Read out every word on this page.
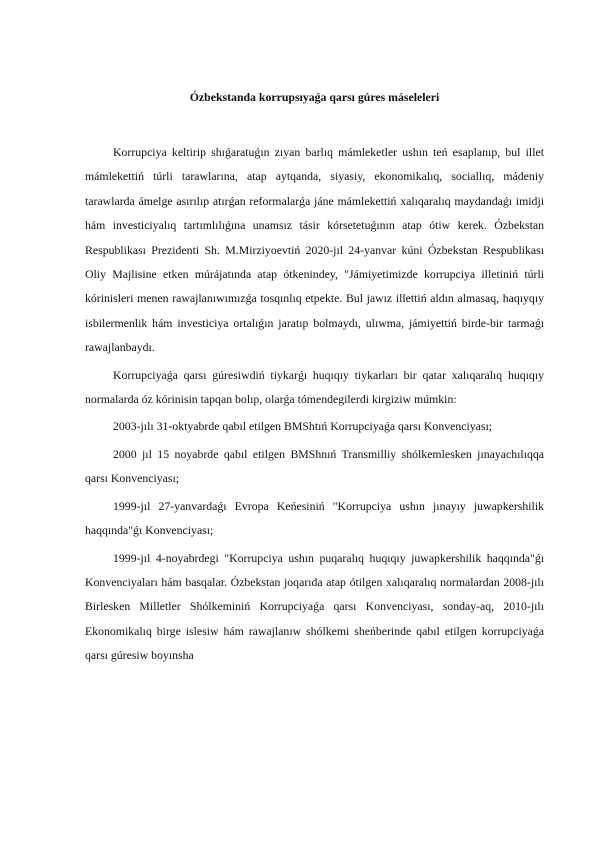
Ózbekstanda korrupsıyaǵa qarsı gúres máseleleri

Korrupciya keltirip shıǵaratuǵın zıyan barlıq mámleketler ushın teń esaplanıp, bul illet mámlekettiń túrli tarawlarına, atap aytqanda, siyasiy, ekonomikalıq, sociallıq, mádeniy tarawlarda ámelge asırılıp atırǵan reformalarǵa jáne mámlekettiń xalıqaralıq maydandaǵı imidji hám investiciyalıq tartımlılıǵına unamsız tásir kórsetetuǵının atap ótiw kerek. Ózbekstan Respublikası Prezidenti Sh. M.Mirziyoevtiń 2020-jıl 24-yanvar kúni Ózbekstan Respublikası Oliy Majlisine etken múrájatında atap ótkenindey, "Jámiyetimizde korrupciya illetiniń túrli kórinisleri menen rawajlanıwımızǵa tosqınlıq etpekte. Bul jawız illettiń aldın almasaq, haqıyqıy isbilermenlik hám investiciya ortalıǵın jaratıp bolmaydı, ulıwma, jámiyettiń birde-bir tarmaǵı rawajlanbaydı.

Korrupciyaǵa qarsı gúresiwdiń tiykarǵı huqıqıy tiykarları bir qatar xalıqaralıq huqıqıy normalarda óz kórinisin tapqan bolıp, olarǵa tómendegilerdi kirgiziw múmkin:

2003-jılı 31-oktyabrde qabıl etilgen BMShtıń Korrupciyaǵa qarsı Konvenciyası;

2000 jıl 15 noyabrde qabıl etilgen BMShnıń Transmilliy shólkemlesken jınayachılıqqa qarsı Konvenciyası;

1999-jıl 27-yanvardaǵı Evropa Keńesiniń "Korrupciya ushın jınayıy juwapkershilik haqqında"ǵı Konvenciyası;

1999-jıl 4-noyabrdegi "Korrupciya ushın puqaralıq huqıqıy juwapkershilik haqqında"ǵı Konvenciyaları hám basqalar. Ózbekstan joqarıda atap ótilgen xalıqaralıq normalardan 2008-jılı Birlesken Milletler Shólkeminiń Korrupciyaǵa qarsı Konvenciyası, sonday-aq, 2010-jılı Ekonomikalıq birge islesiw hám rawajlanıw shólkemi sheńberinde qabıl etilgen korrupciyaǵa qarsı gúresiw boyınsha
